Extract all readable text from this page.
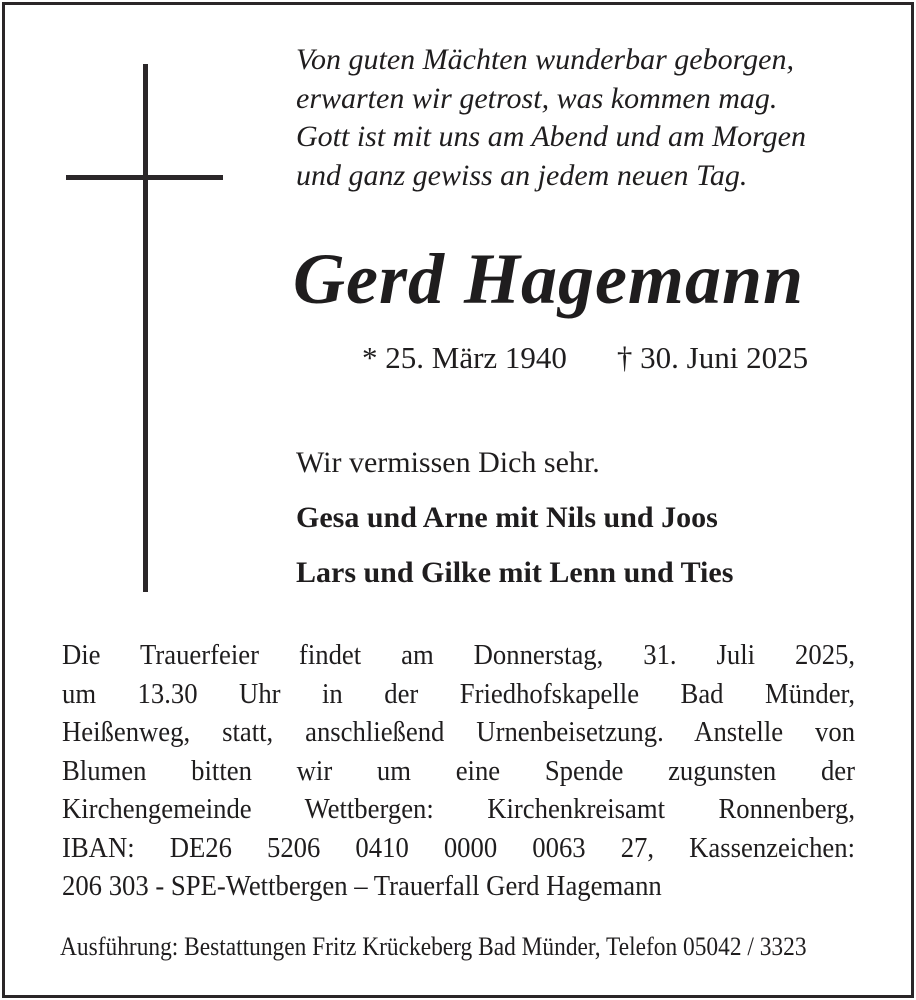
Von guten Mächten wunderbar geborgen,
erwarten wir getrost, was kommen mag.
Gott ist mit uns am Abend und am Morgen
und ganz gewiss an jedem neuen Tag.
Gerd Hagemann
* 25. März 1940 † 30. Juni 2025
Wir vermissen Dich sehr.
Gesa und Arne mit Nils und Joos
Lars und Gilke mit Lenn und Ties
Die Trauerfeier findet am Donnerstag, 31. Juli 2025,
um 13.30 Uhr in der Friedhofskapelle Bad Münder,
Heißenweg, statt, anschließend Urnenbeisetzung. Anstelle von
Blumen bitten wir um eine Spende zugunsten der
Kirchengemeinde Wettbergen: Kirchenkreisamt Ronnenberg,
IBAN: DE26 5206 0410 0000 0063 27, Kassenzeichen:
206 303 - SPE-Wettbergen – Trauerfall Gerd Hagemann
Ausführung: Bestattungen Fritz Krückeberg Bad Münder, Telefon 05042 / 3323
